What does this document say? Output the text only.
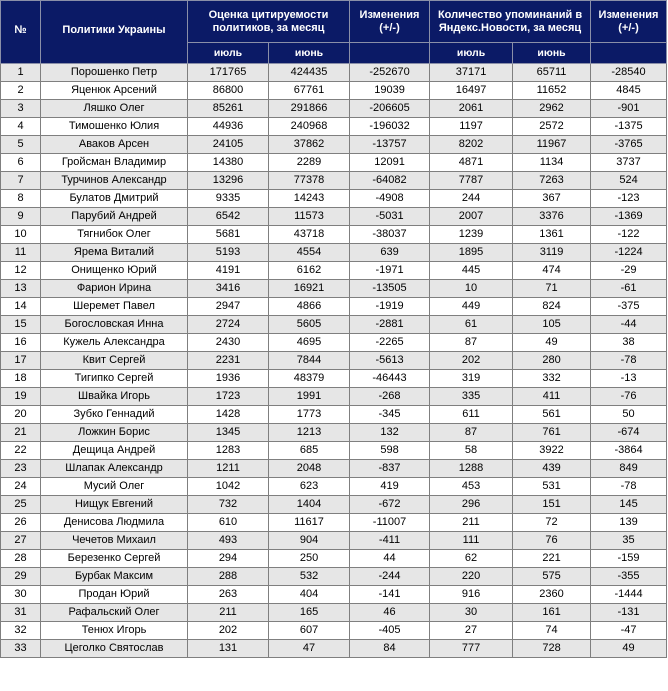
№	Политики Украины	Оценка цитируемости политиков, за месяц		Изменения (+/-)	Количество упоминаний в Яндекс.Новости, за месяц		Изменения (+/-)
		июль	июнь		июль	июнь	
1	Порошенко Петр	171765	424435	-252670	37171	65711	-28540
2	Яценюк Арсений	86800	67761	19039	16497	11652	4845
3	Ляшко Олег	85261	291866	-206605	2061	2962	-901
4	Тимошенко Юлия	44936	240968	-196032	1197	2572	-1375
5	Аваков Арсен	24105	37862	-13757	8202	11967	-3765
6	Гройсман Владимир	14380	2289	12091	4871	1134	3737
7	Турчинов Александр	13296	77378	-64082	7787	7263	524
8	Булатов Дмитрий	9335	14243	-4908	244	367	-123
9	Парубий Андрей	6542	11573	-5031	2007	3376	-1369
10	Тягнибок Олег	5681	43718	-38037	1239	1361	-122
11	Ярема Виталий	5193	4554	639	1895	3119	-1224
12	Онищенко Юрий	4191	6162	-1971	445	474	-29
13	Фарион Ирина	3416	16921	-13505	10	71	-61
14	Шеремет Павел	2947	4866	-1919	449	824	-375
15	Богословская Инна	2724	5605	-2881	61	105	-44
16	Кужель Александра	2430	4695	-2265	87	49	38
17	Квит Сергей	2231	7844	-5613	202	280	-78
18	Тигипко Сергей	1936	48379	-46443	319	332	-13
19	Швайка Игорь	1723	1991	-268	335	411	-76
20	Зубко Геннадий	1428	1773	-345	611	561	50
21	Ложкин Борис	1345	1213	132	87	761	-674
22	Дещица Андрей	1283	685	598	58	3922	-3864
23	Шлапак Александр	1211	2048	-837	1288	439	849
24	Мусий Олег	1042	623	419	453	531	-78
25	Нищук Евгений	732	1404	-672	296	151	145
26	Денисова Людмила	610	11617	-11007	211	72	139
27	Чечетов Михаил	493	904	-411	111	76	35
28	Березенко Сергей	294	250	44	62	221	-159
29	Бурбак Максим	288	532	-244	220	575	-355
30	Продан Юрий	263	404	-141	916	2360	-1444
31	Рафальский Олег	211	165	46	30	161	-131
32	Тенюх Игорь	202	607	-405	27	74	-47
33	Цеголко Святослав	131	47	84	777	728	49
